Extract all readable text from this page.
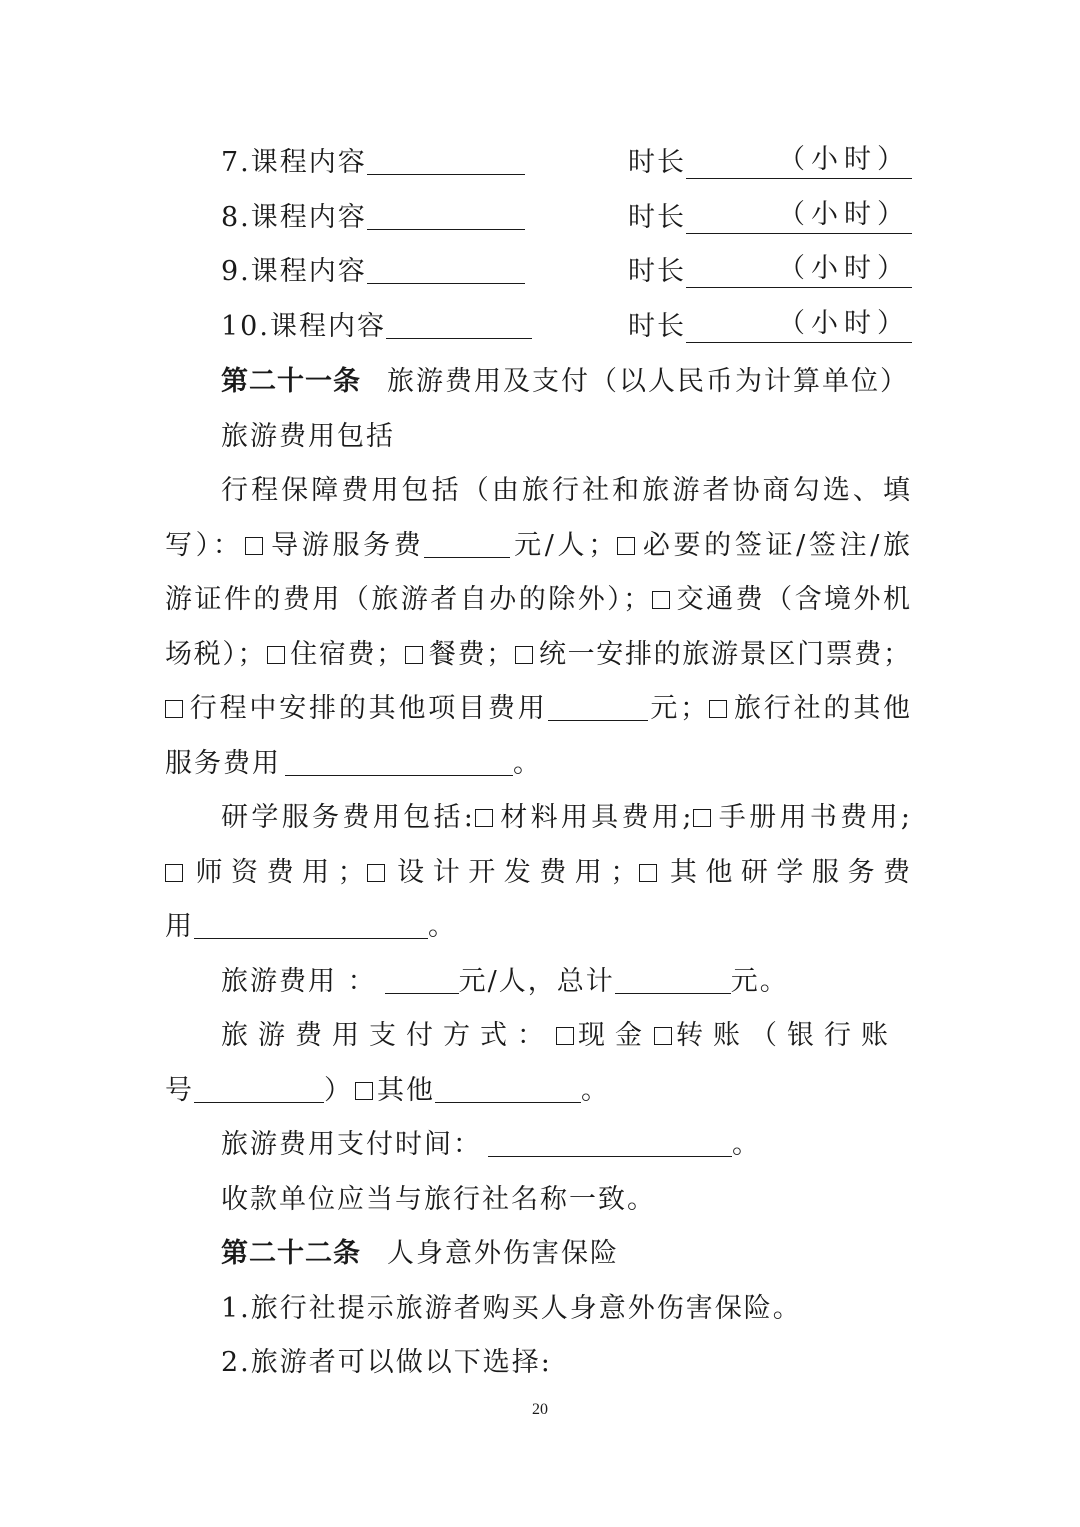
7.课程内容	时长	（小时）
8.课程内容	时长	（小时）
9.课程内容	时长	（小时）
10.课程内容	时长	（小时）
第二十一条 旅游费用及支付（以人民币为计算单位）
旅游费用包括
行程保障费用包括（由旅行社和旅游者协商勾选、填
写）： 导游服务费	元/人； 必要的签证/签注/旅
游证件的费用（旅游者自办的除外）； 交通费（含境外机
场税）； 住宿费； 餐费； 统一安排的旅游景区门票费；
行程中安排的其他项目费用	元； 旅行社的其他
服务费用	。
研学服务费用包括: 材料用具费用; 手册用书费用;
师资费用； 设计开发费用； 其他研学服务费
用	。
旅游费用 ：	元/人，总计	元。
旅游费用支付方式： 现金 转账（银行账
号	） 其他	。
旅游费用支付时间：	。
收款单位应当与旅行社名称一致。
第二十二条 人身意外伤害保险
1.旅行社提示旅游者购买人身意外伤害保险。
2.旅游者可以做以下选择:
20
